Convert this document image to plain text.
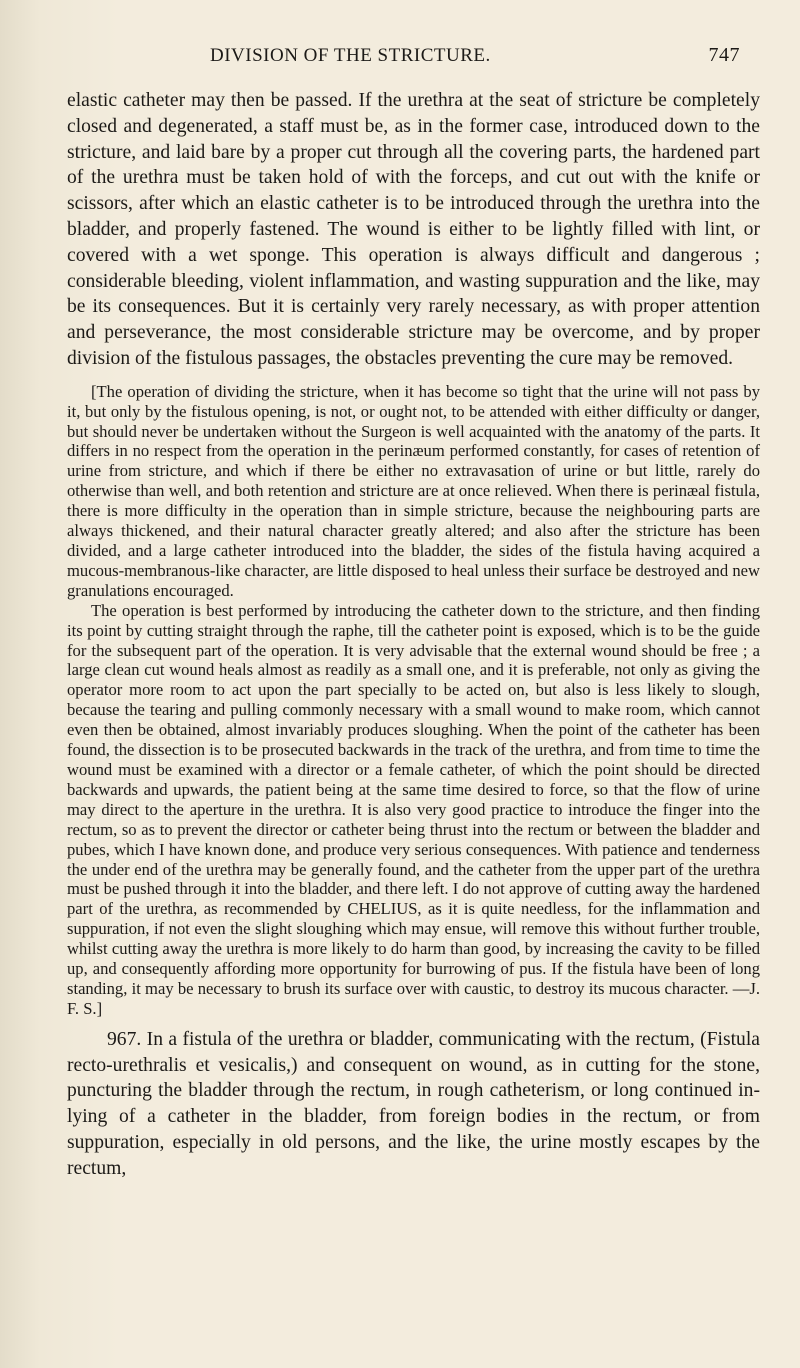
DIVISION OF THE STRICTURE.	747

elastic catheter may then be passed. If the urethra at the seat of stricture be completely closed and degenerated, a staff must be, as in the former case, introduced down to the stricture, and laid bare by a proper cut through all the covering parts, the hardened part of the urethra must be taken hold of with the forceps, and cut out with the knife or scissors, after which an elastic catheter is to be introduced through the urethra into the bladder, and properly fastened. The wound is either to be lightly filled with lint, or covered with a wet sponge. This operation is always difficult and dangerous ; considerable bleeding, violent inflammation, and wasting suppuration and the like, may be its consequences. But it is certainly very rarely necessary, as with proper attention and perseverance, the most considerable stricture may be overcome, and by proper division of the fistulous passages, the obstacles preventing the cure may be removed.

[The operation of dividing the stricture, when it has become so tight that the urine will not pass by it, but only by the fistulous opening, is not, or ought not, to be attended with either difficulty or danger, but should never be undertaken without the Surgeon is well acquainted with the anatomy of the parts. It differs in no respect from the operation in the perinæum performed constantly, for cases of retention of urine from stricture, and which if there be either no extravasation of urine or but little, rarely do otherwise than well, and both retention and stricture are at once relieved. When there is perinæal fistula, there is more difficulty in the operation than in simple stricture, because the neighbouring parts are always thickened, and their natural character greatly altered; and also after the stricture has been divided, and a large catheter introduced into the bladder, the sides of the fistula having acquired a mucous-membranous-like character, are little disposed to heal unless their surface be destroyed and new granulations encouraged.

The operation is best performed by introducing the catheter down to the stricture, and then finding its point by cutting straight through the raphe, till the catheter point is exposed, which is to be the guide for the subsequent part of the operation. It is very advisable that the external wound should be free ; a large clean cut wound heals almost as readily as a small one, and it is preferable, not only as giving the operator more room to act upon the part specially to be acted on, but also is less likely to slough, because the tearing and pulling commonly necessary with a small wound to make room, which cannot even then be obtained, almost invariably produces sloughing. When the point of the catheter has been found, the dissection is to be prosecuted backwards in the track of the urethra, and from time to time the wound must be examined with a director or a female catheter, of which the point should be directed backwards and upwards, the patient being at the same time desired to force, so that the flow of urine may direct to the aperture in the urethra. It is also very good practice to introduce the finger into the rectum, so as to prevent the director or catheter being thrust into the rectum or between the bladder and pubes, which I have known done, and produce very serious consequences. With patience and tenderness the under end of the urethra may be generally found, and the catheter from the upper part of the urethra must be pushed through it into the bladder, and there left. I do not approve of cutting away the hardened part of the urethra, as recommended by CHELIUS, as it is quite needless, for the inflammation and suppuration, if not even the slight sloughing which may ensue, will remove this without further trouble, whilst cutting away the urethra is more likely to do harm than good, by increasing the cavity to be filled up, and consequently affording more opportunity for burrowing of pus. If the fistula have been of long standing, it may be necessary to brush its surface over with caustic, to destroy its mucous character. —J. F. S.]

967. In a fistula of the urethra or bladder, communicating with the rectum, (Fistula recto-urethralis et vesicalis,) and consequent on wound, as in cutting for the stone, puncturing the bladder through the rectum, in rough catheterism, or long continued in-lying of a catheter in the bladder, from foreign bodies in the rectum, or from suppuration, especially in old persons, and the like, the urine mostly escapes by the rectum,
